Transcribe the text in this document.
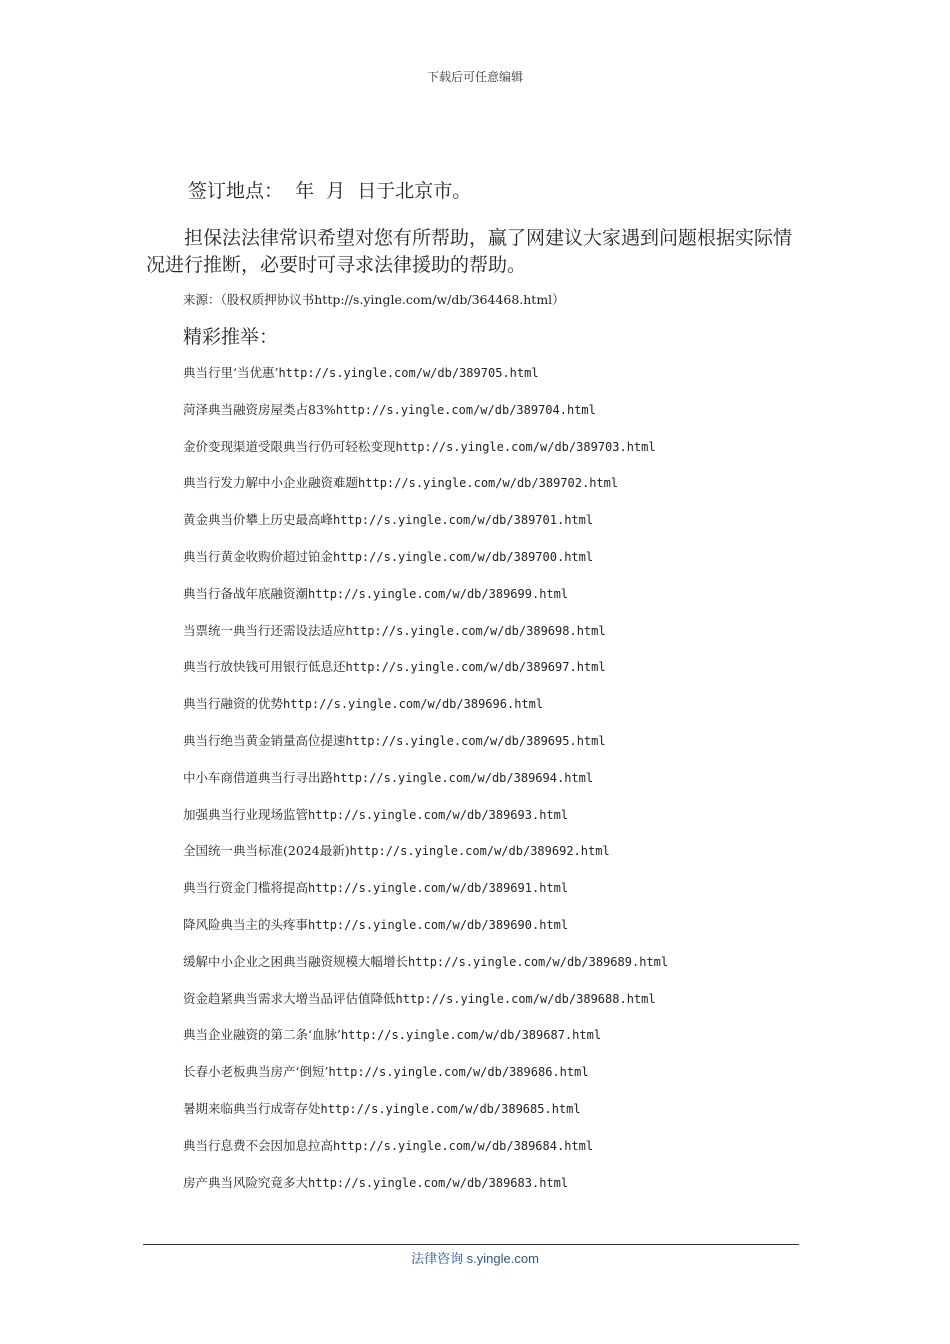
下载后可任意编辑
签订地点：  年  月  日于北京市。

担保法法律常识希望对您有所帮助，赢了网建议大家遇到问题根据实际情况进行推断，必要时可寻求法律援助的帮助。

来源：（股权质押协议书http://s.yingle.com/w/db/364468.html）
精彩推举：
典当行里‘当优惠’http://s.yingle.com/w/db/389705.html
菏泽典当融资房屋类占83%http://s.yingle.com/w/db/389704.html
金价变现渠道受限典当行仍可轻松变现http://s.yingle.com/w/db/389703.html
典当行发力解中小企业融资难题http://s.yingle.com/w/db/389702.html
黄金典当价攀上历史最高峰http://s.yingle.com/w/db/389701.html
典当行黄金收购价超过铂金http://s.yingle.com/w/db/389700.html
典当行备战年底融资潮http://s.yingle.com/w/db/389699.html
当票统一典当行还需设法适应http://s.yingle.com/w/db/389698.html
典当行放快钱可用银行低息还http://s.yingle.com/w/db/389697.html
典当行融资的优势http://s.yingle.com/w/db/389696.html
典当行绝当黄金销量高位提速http://s.yingle.com/w/db/389695.html
中小车商借道典当行寻出路http://s.yingle.com/w/db/389694.html
加强典当行业现场监管http://s.yingle.com/w/db/389693.html
全国统一典当标准(2024最新)http://s.yingle.com/w/db/389692.html
典当行资金门槛将提高http://s.yingle.com/w/db/389691.html
降风险典当主的头疼事http://s.yingle.com/w/db/389690.html
缓解中小企业之困典当融资规模大幅增长http://s.yingle.com/w/db/389689.html
资金趋紧典当需求大增当品评估值降低http://s.yingle.com/w/db/389688.html
典当企业融资的第二条‘血脉’http://s.yingle.com/w/db/389687.html
长春小老板典当房产‘倒短’http://s.yingle.com/w/db/389686.html
暑期来临典当行成寄存处http://s.yingle.com/w/db/389685.html
典当行息费不会因加息拉高http://s.yingle.com/w/db/389684.html
房产典当风险究竟多大http://s.yingle.com/w/db/389683.html
法律咨询 s.yingle.com
